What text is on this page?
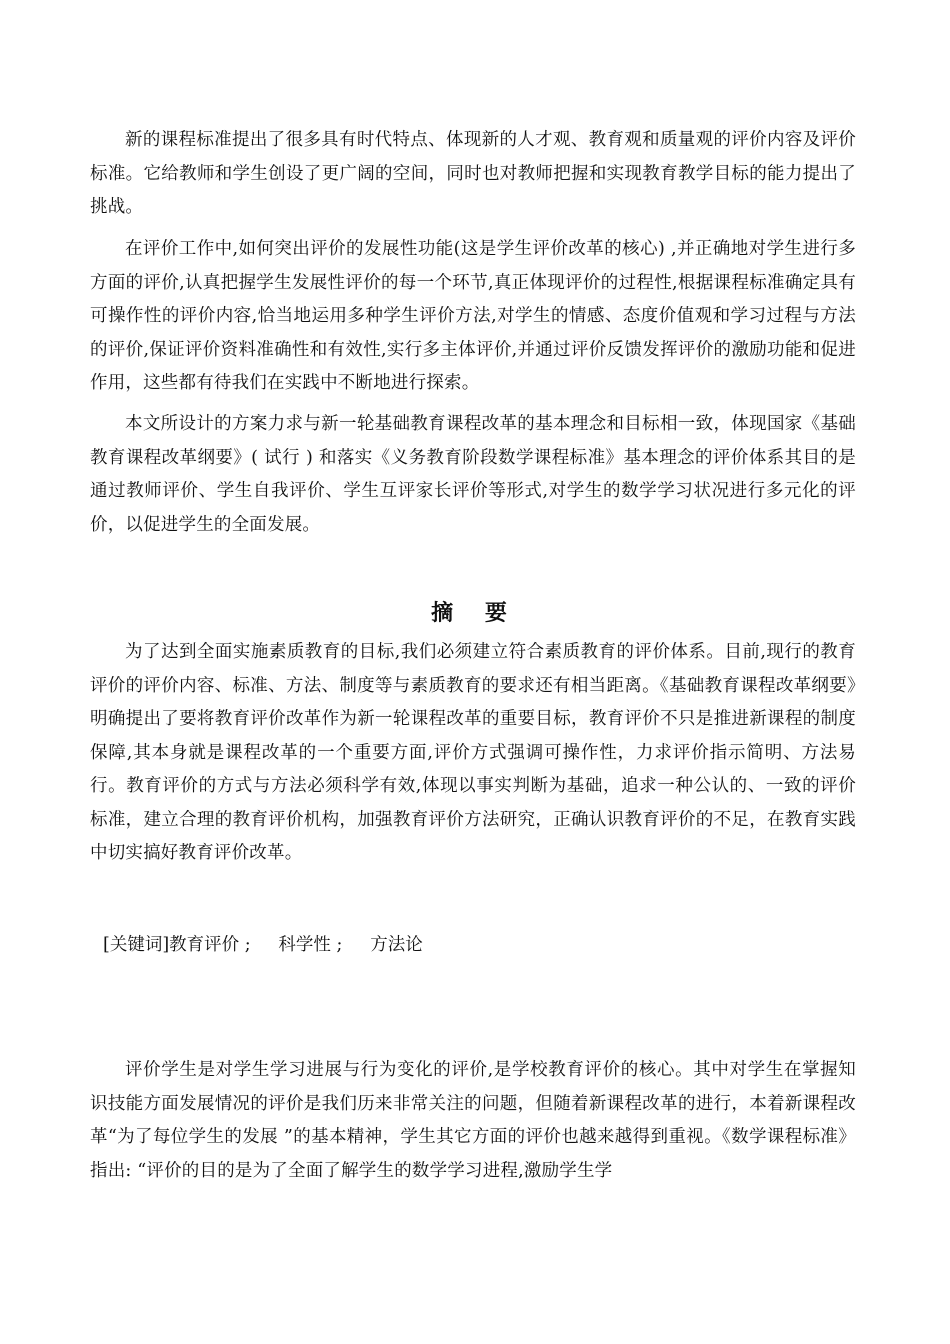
新的课程标准提出了很多具有时代特点、体现新的人才观、教育观和质量观的评价内容及评价标准。它给教师和学生创设了更广阔的空间，同时也对教师把握和实现教育教学目标的能力提出了挑战。

在评价工作中,如何突出评价的发展性功能(这是学生评价改革的核心) ,并正确地对学生进行多方面的评价,认真把握学生发展性评价的每一个环节,真正体现评价的过程性,根据课程标准确定具有可操作性的评价内容,恰当地运用多种学生评价方法,对学生的情感、态度价值观和学习过程与方法的评价,保证评价资料准确性和有效性,实行多主体评价,并通过评价反馈发挥评价的激励功能和促进作用，这些都有待我们在实践中不断地进行探索。

本文所设计的方案力求与新一轮基础教育课程改革的基本理念和目标相一致，体现国家《基础教育课程改革纲要》( 试行 ) 和落实《义务教育阶段数学课程标准》基本理念的评价体系其目的是通过教师评价、学生自我评价、学生互评家长评价等形式,对学生的数学学习状况进行多元化的评价，以促进学生的全面发展。

摘 要

为了达到全面实施素质教育的目标,我们必须建立符合素质教育的评价体系。目前,现行的教育评价的评价内容、标准、方法、制度等与素质教育的要求还有相当距离。《基础教育课程改革纲要》明确提出了要将教育评价改革作为新一轮课程改革的重要目标，教育评价不只是推进新课程的制度保障,其本身就是课程改革的一个重要方面,评价方式强调可操作性，力求评价指示简明、方法易行。教育评价的方式与方法必须科学有效,体现以事实判断为基础，追求一种公认的、一致的评价标准，建立合理的教育评价机构，加强教育评价方法研究，正确认识教育评价的不足，在教育实践中切实搞好教育评价改革。

[关键词]教育评价 ;     科学性 ;     方法论

评价学生是对学生学习进展与行为变化的评价,是学校教育评价的核心。其中对学生在掌握知识技能方面发展情况的评价是我们历来非常关注的问题，但随着新课程改革的进行，本着新课程改革“为了每位学生的发展 ”的基本精神，学生其它方面的评价也越来越得到重视。《数学课程标准》指出: “评价的目的是为了全面了解学生的数学学习进程,激励学生学
